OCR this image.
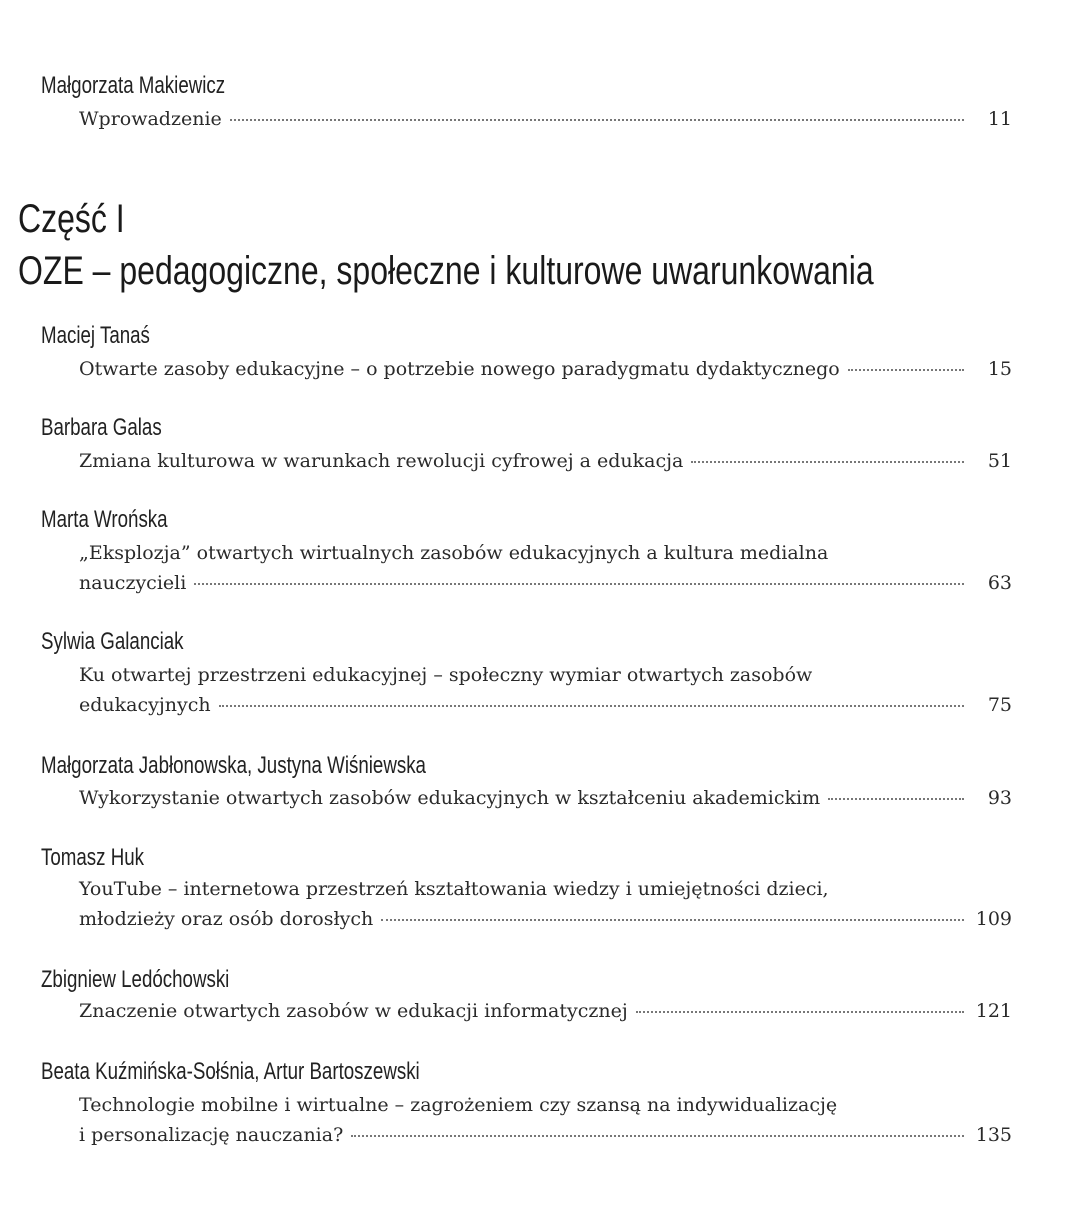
Małgorzata Makiewicz
Wprowadzenie	11
Część I
OZE – pedagogiczne, społeczne i kulturowe uwarunkowania
Maciej Tanaś
Otwarte zasoby edukacyjne – o potrzebie nowego paradygmatu dydaktycznego	15
Barbara Galas
Zmiana kulturowa w warunkach rewolucji cyfrowej a edukacja	51
Marta Wrońska
„Eksplozja” otwartych wirtualnych zasobów edukacyjnych a kultura medialna
nauczycieli	63
Sylwia Galanciak
Ku otwartej przestrzeni edukacyjnej – społeczny wymiar otwartych zasobów
edukacyjnych	75
Małgorzata Jabłonowska, Justyna Wiśniewska
Wykorzystanie otwartych zasobów edukacyjnych w kształceniu akademickim	93
Tomasz Huk
YouTube – internetowa przestrzeń kształtowania wiedzy i umiejętności dzieci,
młodzieży oraz osób dorosłych	109
Zbigniew Ledóchowski
Znaczenie otwartych zasobów w edukacji informatycznej	121
Beata Kuźmińska-Sołśnia, Artur Bartoszewski
Technologie mobilne i wirtualne – zagrożeniem czy szansą na indywidualizację
i personalizację nauczania?	135
